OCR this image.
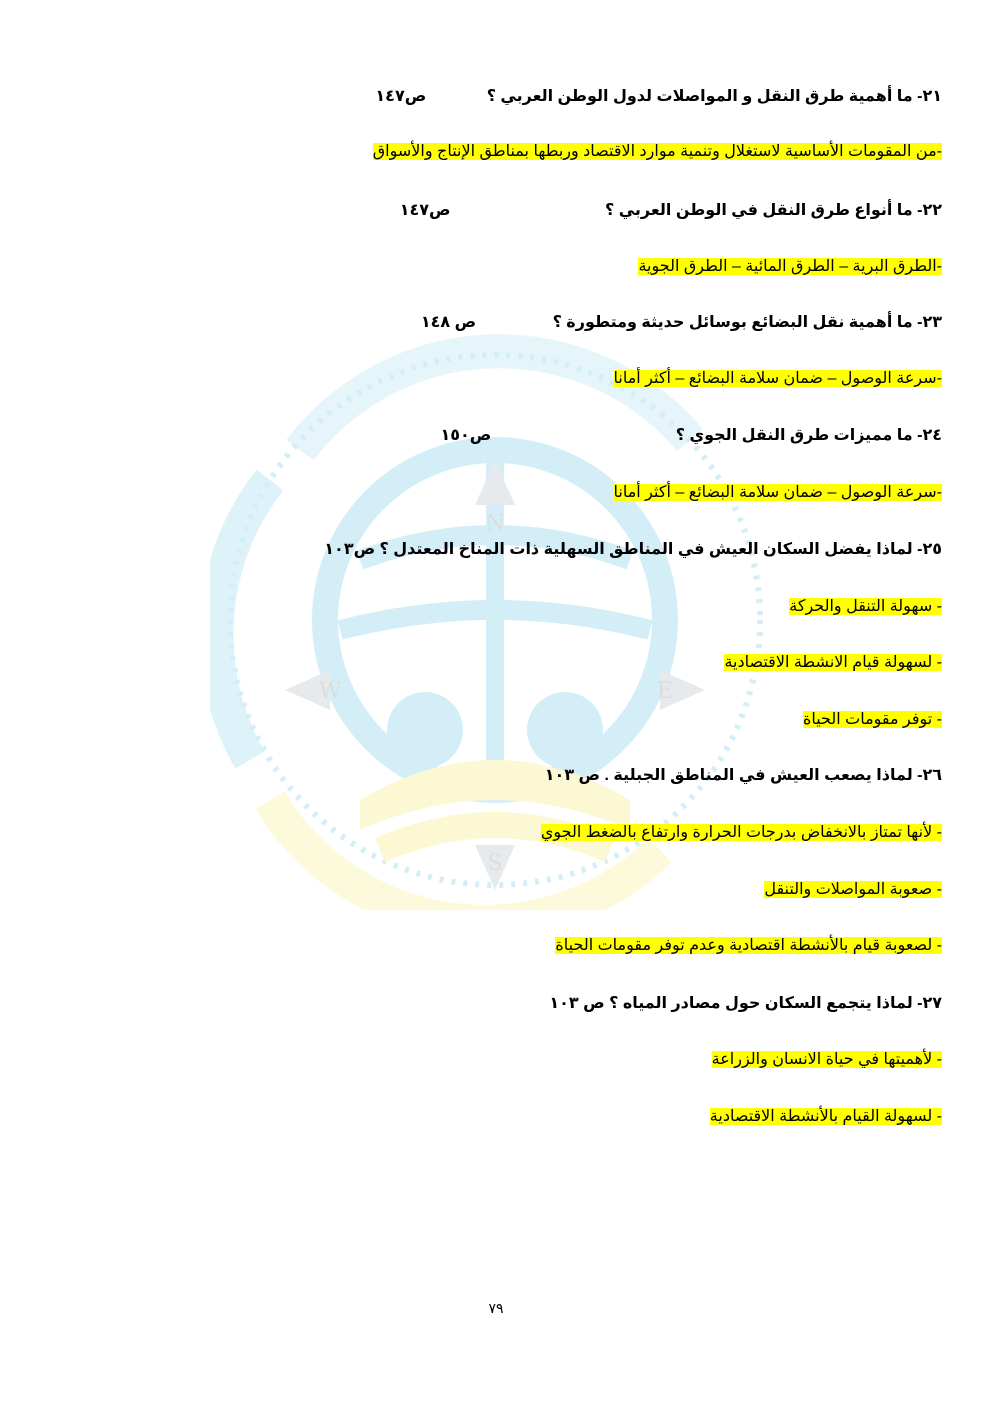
N
W	E
S
٢١- ما أهمية طرق النقل و المواصلات لدول الوطن العربي ؟ ص١٤٧
-من المقومات الأساسية لاستغلال وتنمية موارد الاقتصاد وربطها بمناطق الإنتاج والأسواق
٢٢- ما أنواع طرق النقل في الوطن العربي ؟ ص١٤٧
-الطرق البرية – الطرق المائية – الطرق الجوية
٢٣- ما أهمية نقل البضائع بوسائل حديثة ومتطورة ؟ ص ١٤٨
-سرعة الوصول – ضمان سلامة البضائع – أكثر أمانا
٢٤- ما مميزات طرق النقل الجوي ؟ ص١٥٠
-سرعة الوصول – ضمان سلامة البضائع – أكثر أمانا
٢٥- لماذا يفضل السكان العيش في المناطق السهلية ذات المناخ المعتدل ؟ ص١٠٣
- سهولة التنقل والحركة
- لسهولة قيام الانشطة الاقتصادية
- توفر مقومات الحياة
٢٦- لماذا يصعب العيش في المناطق الجبلية . ص ١٠٣
- لأنها تمتاز بالانخفاض بدرجات الحرارة وارتفاع بالضغط الجوي
- صعوبة المواصلات والتنقل
- لصعوبة قيام بالأنشطة اقتصادية وعدم توفر مقومات الحياة
٢٧- لماذا يتجمع السكان حول مصادر المياه ؟ ص ١٠٣
- لأهميتها في حياة الانسان والزراعة
- لسهولة القيام بالأنشطة الاقتصادية
٧٩
